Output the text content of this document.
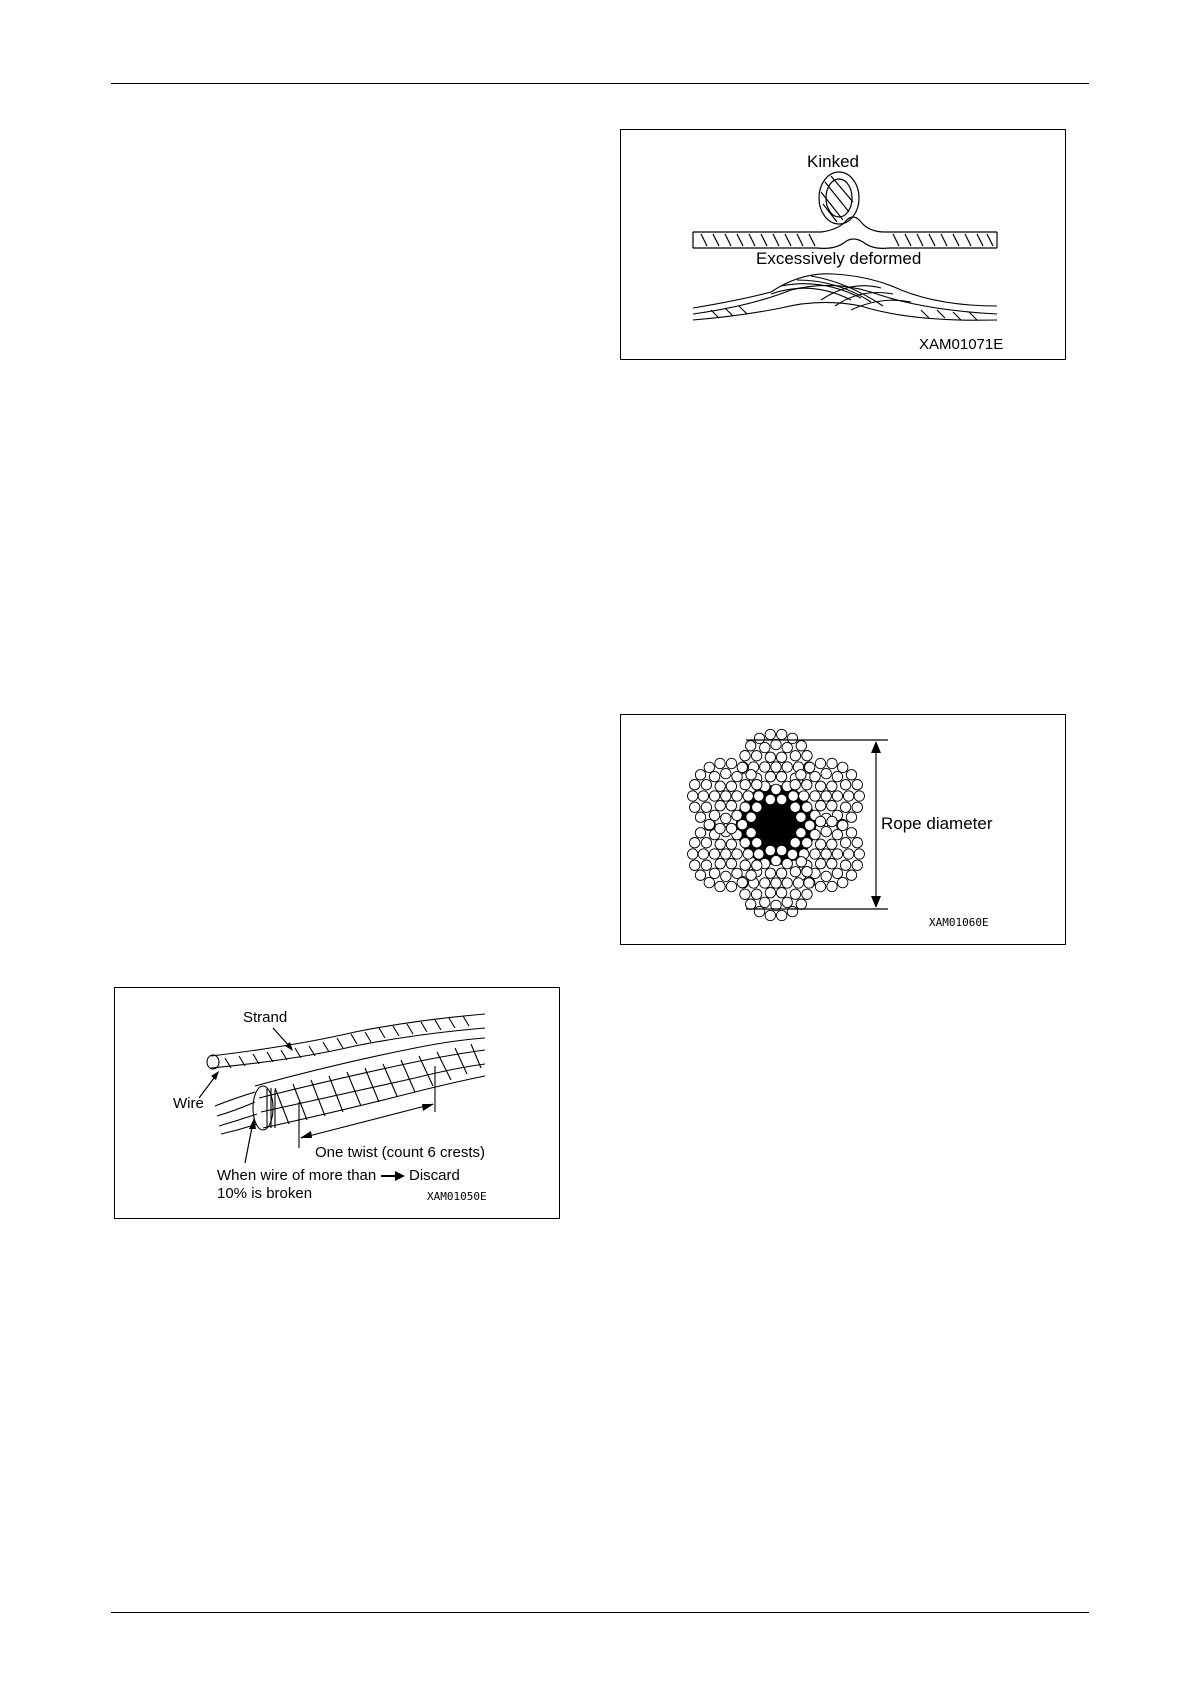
Kinked
Excessively deformed
XAM01071E
Rope diameter
XAM01060E
Strand
Wire
One twist (count 6 crests)
When wire of more than
10% is broken
Discard
XAM01050E
